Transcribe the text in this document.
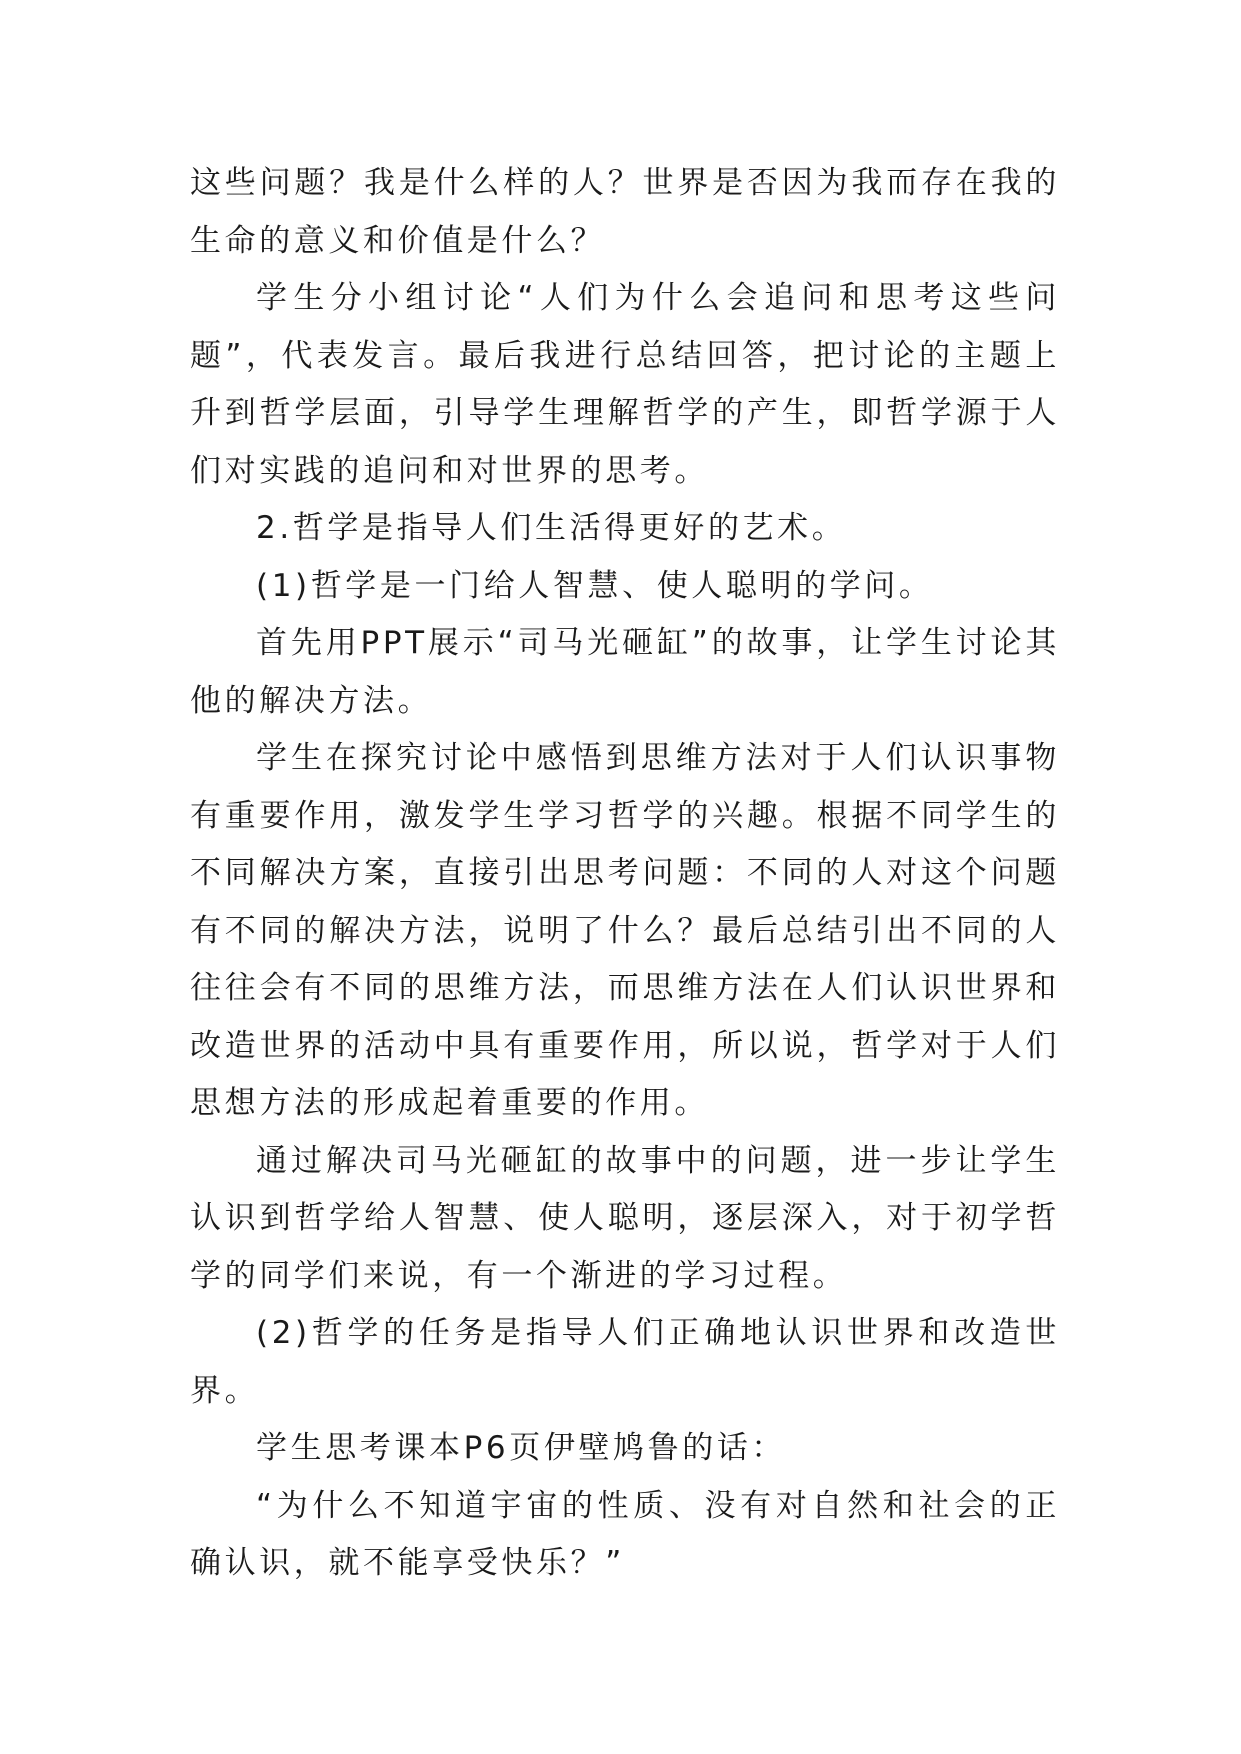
这些问题？我是什么样的人？世界是否因为我而存在我的生命的意义和价值是什么？

学生分小组讨论“人们为什么会追问和思考这些问题”，代表发言。最后我进行总结回答，把讨论的主题上升到哲学层面，引导学生理解哲学的产生，即哲学源于人们对实践的追问和对世界的思考。

2.哲学是指导人们生活得更好的艺术。

(1)哲学是一门给人智慧、使人聪明的学问。

首先用PPT展示“司马光砸缸”的故事，让学生讨论其他的解决方法。

学生在探究讨论中感悟到思维方法对于人们认识事物有重要作用，激发学生学习哲学的兴趣。根据不同学生的不同解决方案，直接引出思考问题：不同的人对这个问题有不同的解决方法，说明了什么？最后总结引出不同的人往往会有不同的思维方法，而思维方法在人们认识世界和改造世界的活动中具有重要作用，所以说，哲学对于人们思想方法的形成起着重要的作用。

通过解决司马光砸缸的故事中的问题，进一步让学生认识到哲学给人智慧、使人聪明，逐层深入，对于初学哲学的同学们来说，有一个渐进的学习过程。

(2)哲学的任务是指导人们正确地认识世界和改造世界。

学生思考课本P6页伊壁鸠鲁的话：

“为什么不知道宇宙的性质、没有对自然和社会的正确认识，就不能享受快乐？”
